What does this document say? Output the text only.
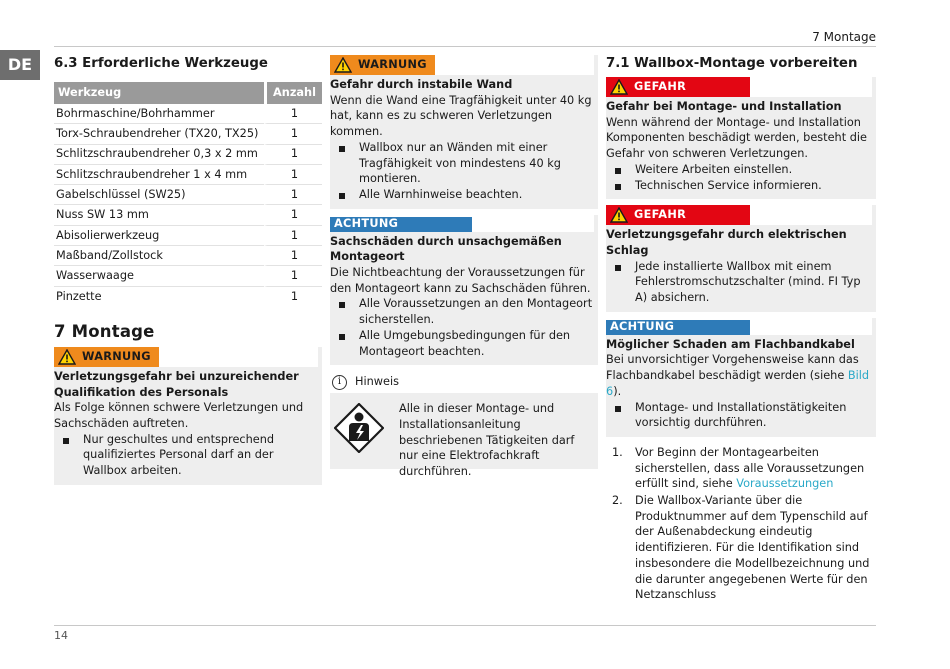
7 Montage
DE	6.3 Erforderliche Werkzeuge
Werkzeug	Anzahl
Bohrmaschine/Bohrhammer	1
Torx-Schraubendreher (TX20, TX25)	1
Schlitzschraubendreher 0,3 x 2 mm	1
Schlitzschraubendreher 1 x 4 mm	1
Gabelschlüssel (SW25)	1
Nuss SW 13 mm	1
Abisolierwerkzeug	1
Maßband/Zollstock	1
Wasserwaage	1
Pinzette	1
7 Montage
WARNUNG
Verletzungsgefahr bei unzureichender Qualifikation des Personals

Als Folge können schwere Verletzungen und Sachschäden auftreten.

Nur geschultes und entsprechend qualifiziertes Personal darf an der Wallbox arbeiten.
WARNUNG
Gefahr durch instabile Wand

Wenn die Wand eine Tragfähigkeit unter 40 kg hat, kann es zu schweren Verletzungen kommen.

Wallbox nur an Wänden mit einer Tragfähigkeit von mindestens 40 kg montieren.
Alle Warnhinweise beachten.
ACHTUNG
Sachschäden durch unsachgemäßen Montageort

Die Nichtbeachtung der Voraussetzungen für den Montageort kann zu Sachschäden führen.

Alle Voraussetzungen an den Montageort sicherstellen.
Alle Umgebungsbedingungen für den Montageort beachten.
i	Hinweis
Alle in dieser Montage- und Installationsanleitung beschriebenen Tätigkeiten darf nur eine Elektrofachkraft durchführen.
7.1 Wallbox-Montage vorbereiten
GEFAHR
Gefahr bei Montage- und Installation

Wenn während der Montage- und Installation Komponenten beschädigt werden, besteht die Gefahr von schweren Verletzungen.

Weitere Arbeiten einstellen.
Technischen Service informieren.
GEFAHR
Verletzungsgefahr durch elektrischen Schlag
Jede installierte Wallbox mit einem Fehlerstromschutzschalter (mind. FI Typ A) absichern.
ACHTUNG
Möglicher Schaden am Flachbandkabel

Bei unvorsichtiger Vorgehensweise kann das Flachbandkabel beschädigt werden (siehe Bild 6).

Montage- und Installationstätigkeiten vorsichtig durchführen.
1. Vor Beginn der Montagearbeiten sicherstellen, dass alle Voraussetzungen erfüllt sind, siehe Voraussetzungen
2. Die Wallbox-Variante über die Produktnummer auf dem Typenschild auf der Außenabdeckung eindeutig identifizieren. Für die Identifikation sind insbesondere die Modellbezeichnung und die darunter angegebenen Werte für den Netzanschluss
14
